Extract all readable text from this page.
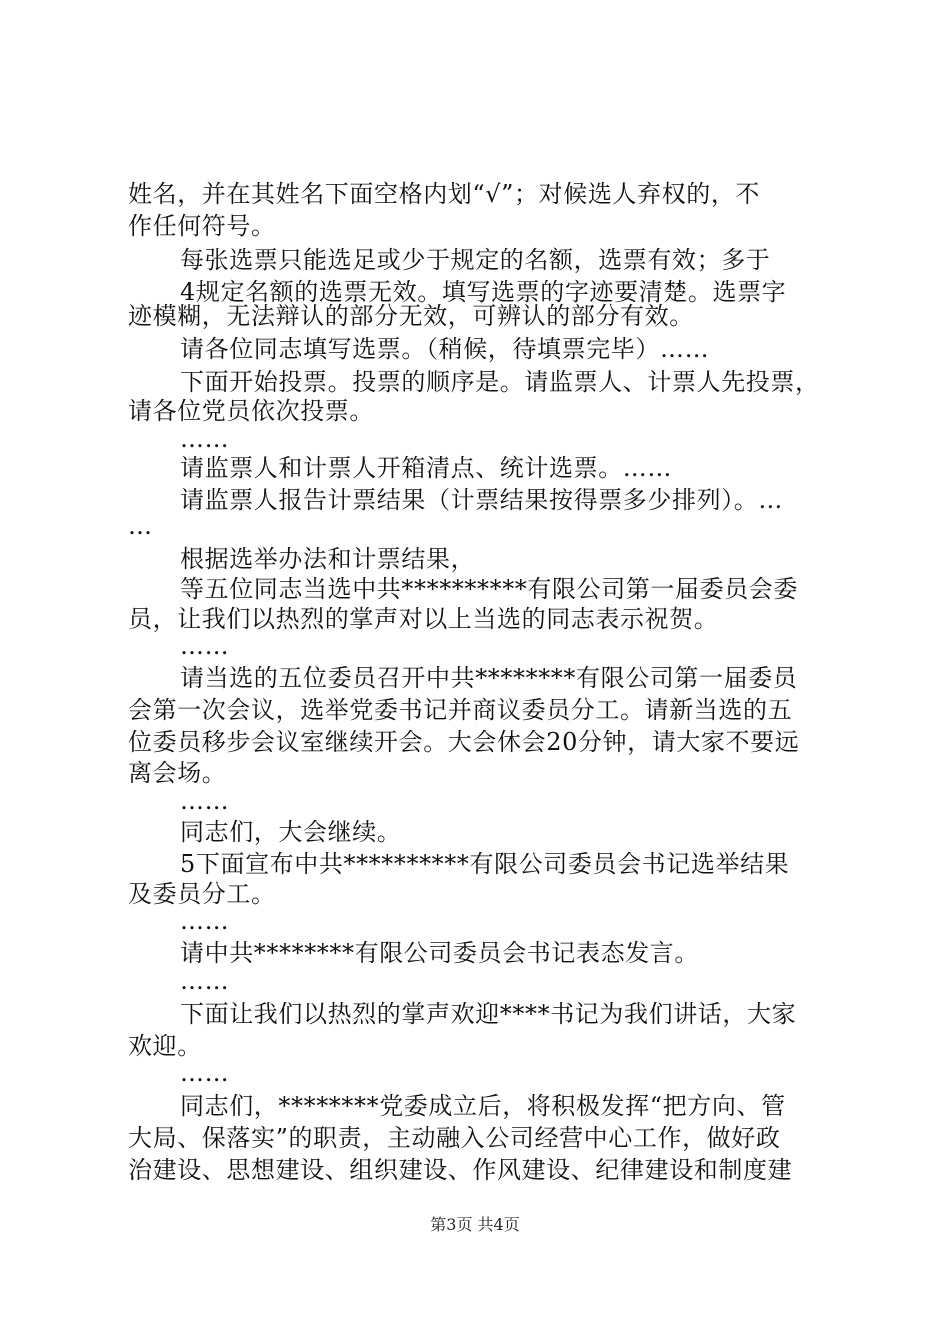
姓名，并在其姓名下面空格内划“√”；对候选人弃权的，不
作任何符号。
每张选票只能选足或少于规定的名额，选票有效；多于
4规定名额的选票无效。填写选票的字迹要清楚。选票字
迹模糊，无法辩认的部分无效，可辨认的部分有效。
请各位同志填写选票。（稍候，待填票完毕）……
下面开始投票。投票的顺序是。请监票人、计票人先投票，
请各位党员依次投票。
……
请监票人和计票人开箱清点、统计选票。……
请监票人报告计票结果（计票结果按得票多少排列）。…
…
根据选举办法和计票结果，
等五位同志当选中共**********有限公司第一届委员会委
员，让我们以热烈的掌声对以上当选的同志表示祝贺。
……
请当选的五位委员召开中共********有限公司第一届委员
会第一次会议，选举党委书记并商议委员分工。请新当选的五
位委员移步会议室继续开会。大会休会20分钟，请大家不要远
离会场。
……
同志们，大会继续。
5下面宣布中共**********有限公司委员会书记选举结果
及委员分工。
……
请中共********有限公司委员会书记表态发言。
……
下面让我们以热烈的掌声欢迎****书记为我们讲话，大家
欢迎。
……
同志们，********党委成立后，将积极发挥“把方向、管
大局、保落实”的职责，主动融入公司经营中心工作，做好政
治建设、思想建设、组织建设、作风建设、纪律建设和制度建
第3页 共4页
